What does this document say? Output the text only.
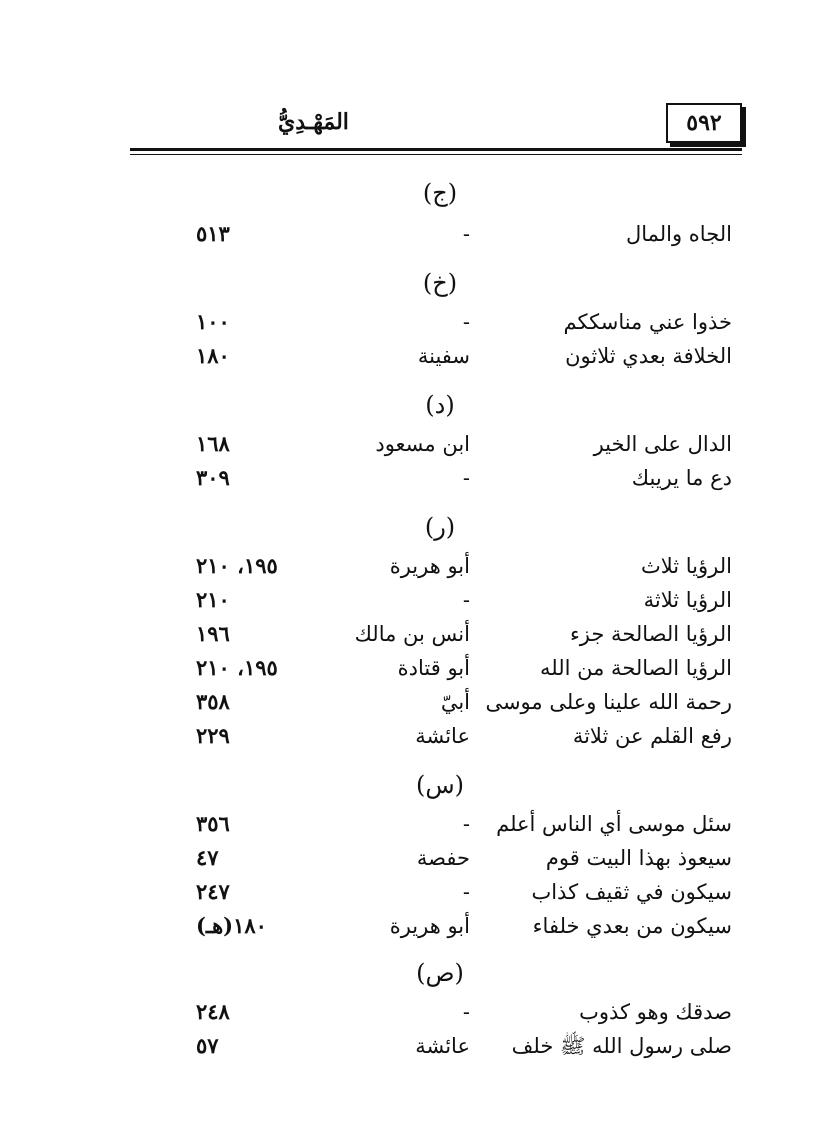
٥٩٢
المَهْـدِيُّ
(ج)
الجاه والمال
-
٥١٣
(خ)
خذوا عني مناسككم
-
١٠٠
الخلافة بعدي ثلاثون
سفينة
١٨٠
(د)
الدال على الخير
ابن مسعود
١٦٨
دع ما يريبك
-
٣٠٩
(ر)
الرؤيا ثلاث
أبو هريرة
١٩٥، ٢١٠
الرؤيا ثلاثة
-
٢١٠
الرؤيا الصالحة جزء
أنس بن مالك
١٩٦
الرؤيا الصالحة من الله
أبو قتادة
١٩٥، ٢١٠
رحمة الله علينا وعلى موسى
أبيّ
٣٥٨
رفع القلم عن ثلاثة
عائشة
٢٢٩
(س)
سئل موسى أي الناس أعلم
-
٣٥٦
سيعوذ بهذا البيت قوم
حفصة
٤٧
سيكون في ثقيف كذاب
-
٢٤٧
سيكون من بعدي خلفاء
أبو هريرة
١٨٠(هـ)
(ص)
صدقك وهو كذوب
-
٢٤٨
صلى رسول الله ﷺ خلف
عائشة
٥٧
